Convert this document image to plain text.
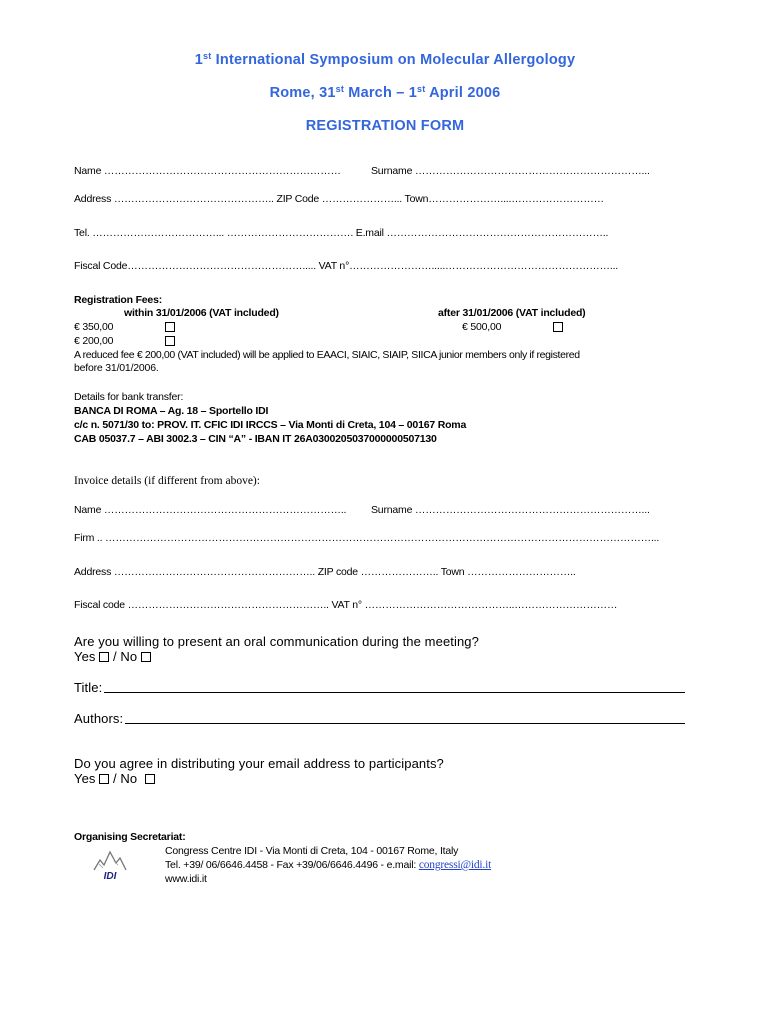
1st International Symposium on Molecular Allergology
Rome, 31st March – 1st April 2006
REGISTRATION FORM
Name ……………………………………………………………	Surname …………………………………………………………...
Address ……………………………………….. ZIP Code …………………... Town…………………....………………………
Tel. ………………………………... ………………………………. E.mail ………………………………………………………..
Fiscal Code……………………………………………..... VAT n°…………………….....…………………………………………...
Registration Fees:
within 31/01/2006 (VAT included)	after 31/01/2006 (VAT included)
€ 350,00	€ 500,00
€ 200,00
A reduced fee € 200,00 (VAT included) will be applied to EAACI, SIAIC, SIAIP, SIICA junior members only if registered
before 31/01/2006.
Details for bank transfer:
BANCA DI ROMA – Ag. 18 – Sportello IDI
c/c n. 5071/30 to: PROV. IT. CFIC IDI IRCCS – Via Monti di Creta, 104 – 00167 Roma
CAB 05037.7 – ABI 3002.3 – CIN “A” - IBAN IT 26A0300205037000000507130
Invoice details (if different from above):
Name …………………………………………………………….. Surname …………………………………………………………...
Firm .. ……………………………………………………………………………………………………………………………………………...
Address ………………………………………………….. ZIP code ………………….. Town …………………………..
Fiscal code ………………………………………………….. VAT n° ……………………………………..…………………………
Are you willing to present an oral communication during the meeting?
Yes  / No
Title:
Authors:
Do you agree in distributing your email address to participants?
Yes  / No
Organising Secretariat:
IDI
Congress Centre IDI - Via Monti di Creta, 104 - 00167 Rome, Italy
Tel. +39/ 06/6646.4458 - Fax +39/06/6646.4496 - e.mail: congressi@idi.it
www.idi.it
